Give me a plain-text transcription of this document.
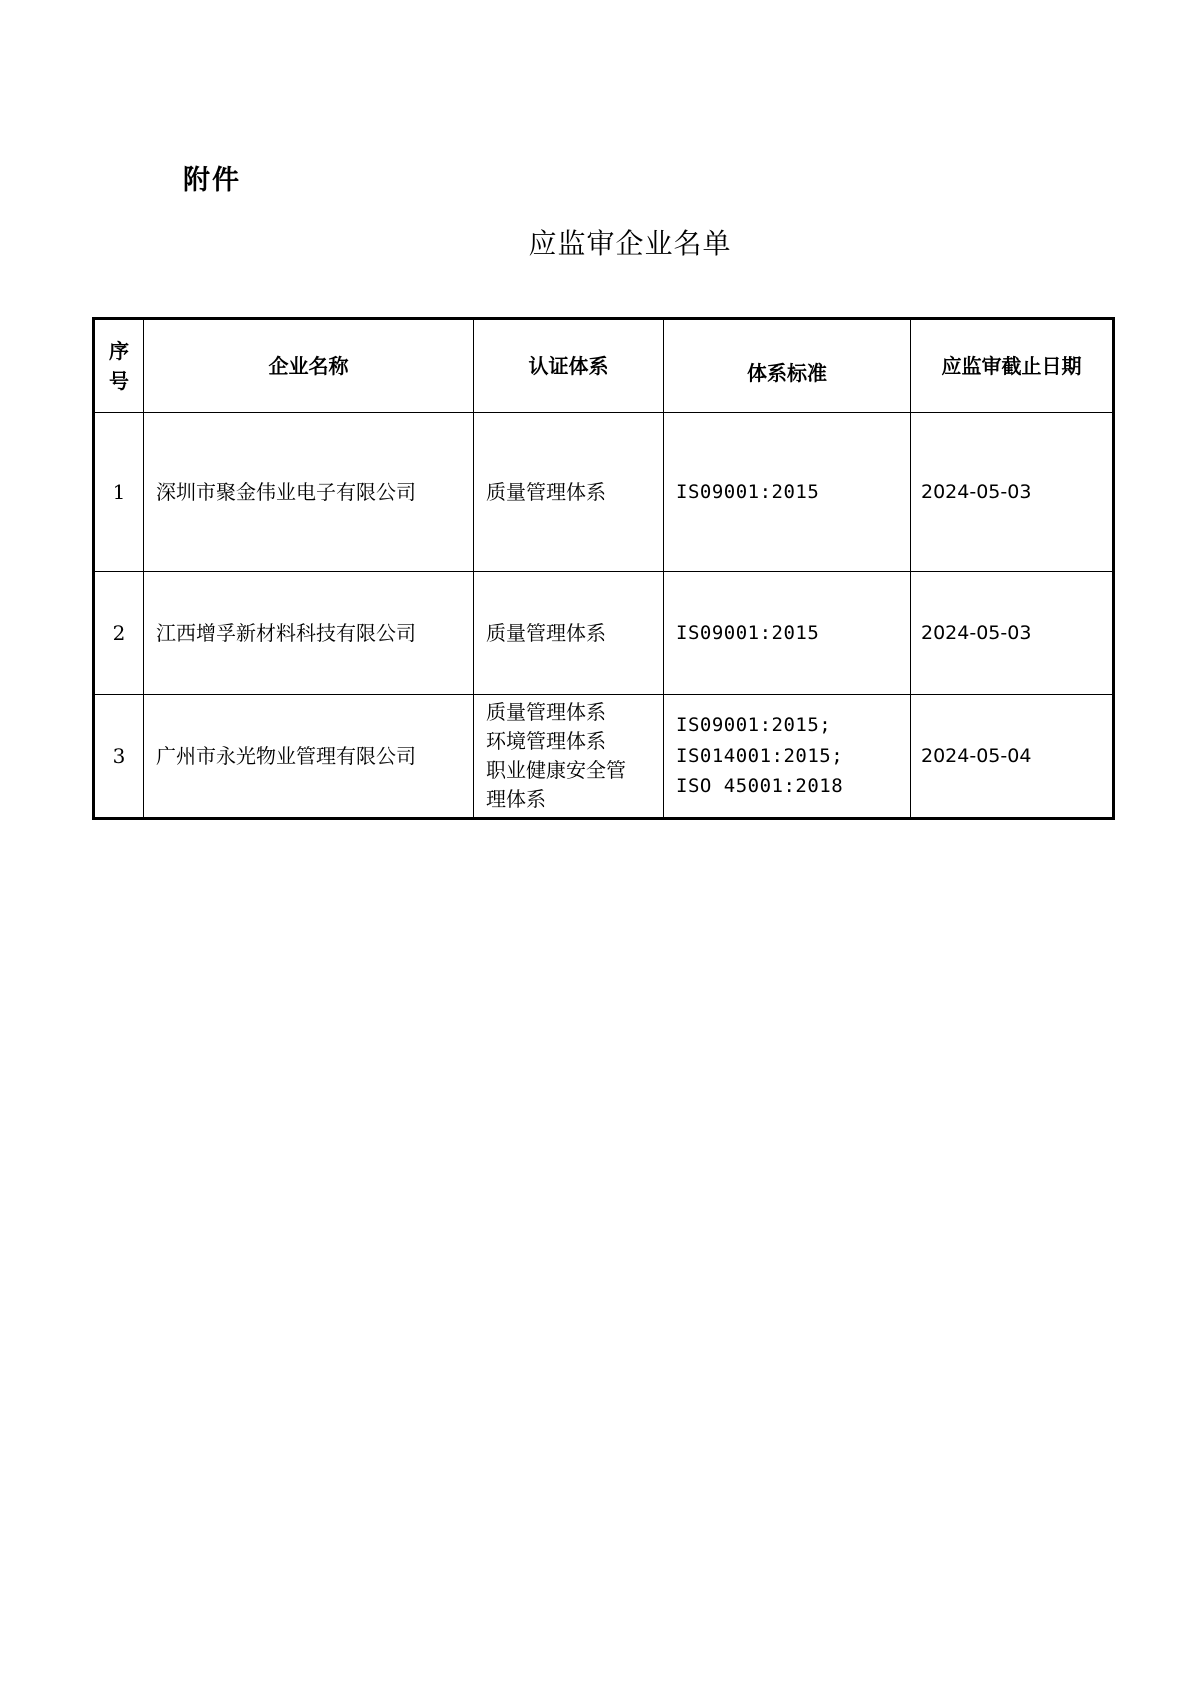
附件
应监审企业名单
序
号	企业名称	认证体系	体系标准	应监审截止日期
1	深圳市聚金伟业电子有限公司	质量管理体系	IS09001:2015	2024-05-03
2	江西增孚新材料科技有限公司	质量管理体系	IS09001:2015	2024-05-03
3	广州市永光物业管理有限公司	质量管理体系
环境管理体系
职业健康安全管
理体系	IS09001:2015;
IS014001:2015;
ISO 45001:2018	2024-05-04
